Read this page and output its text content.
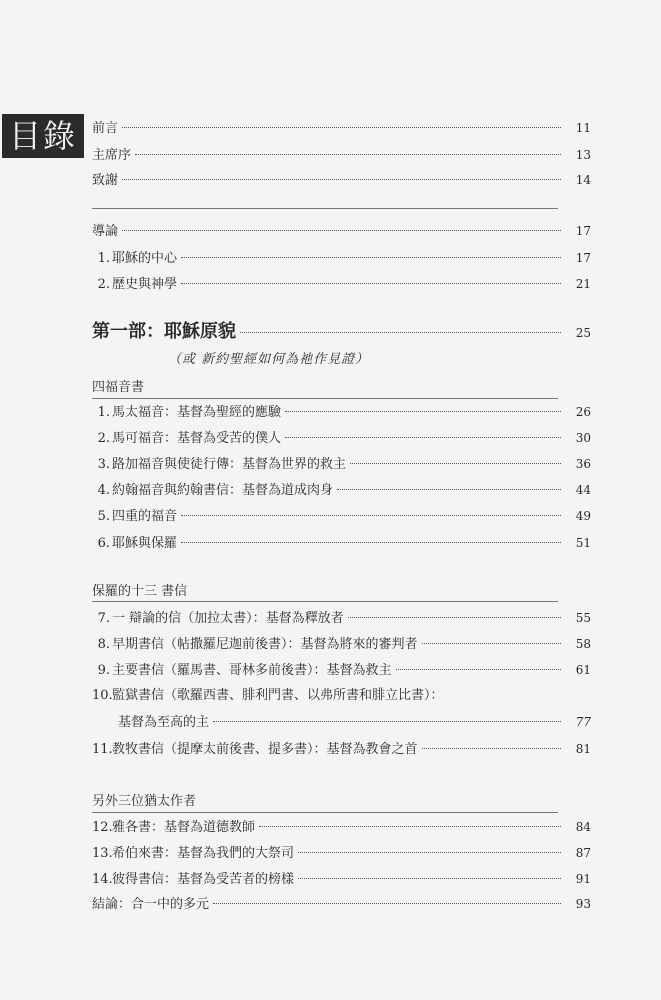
目錄	前言	11
主席序	13
致謝	14
導論	17
1. 耶穌的中心	17
2. 歷史與神學	21
第一部：耶穌原貌	25
（或 新約聖經如何為祂作見證）
四福音書
1. 馬太福音：基督為聖經的應驗	26
2. 馬可福音：基督為受苦的僕人	30
3. 路加福音與使徒行傳：基督為世界的救主	36
4. 約翰福音與約翰書信：基督為道成肉身	44
5. 四重的福音	49
6. 耶穌與保羅	51
保羅的十三 書信
7. 一 辯論的信（加拉太書）：基督為釋放者	55
8. 早期書信（帖撒羅尼迦前後書）：基督為將來的審判者	58
9. 主要書信（羅馬書、哥林多前後書）：基督為救主	61
10. 監獄書信（歌羅西書、腓利門書、以弗所書和腓立比書）：
基督為至高的主	77
11. 教牧書信（提摩太前後書、提多書）：基督為教會之首	81
另外三位猶太作者
12. 雅各書：基督為道德教師	84
13. 希伯來書：基督為我們的大祭司	87
14. 彼得書信：基督為受苦者的榜樣	91
結論：合一中的多元	93
